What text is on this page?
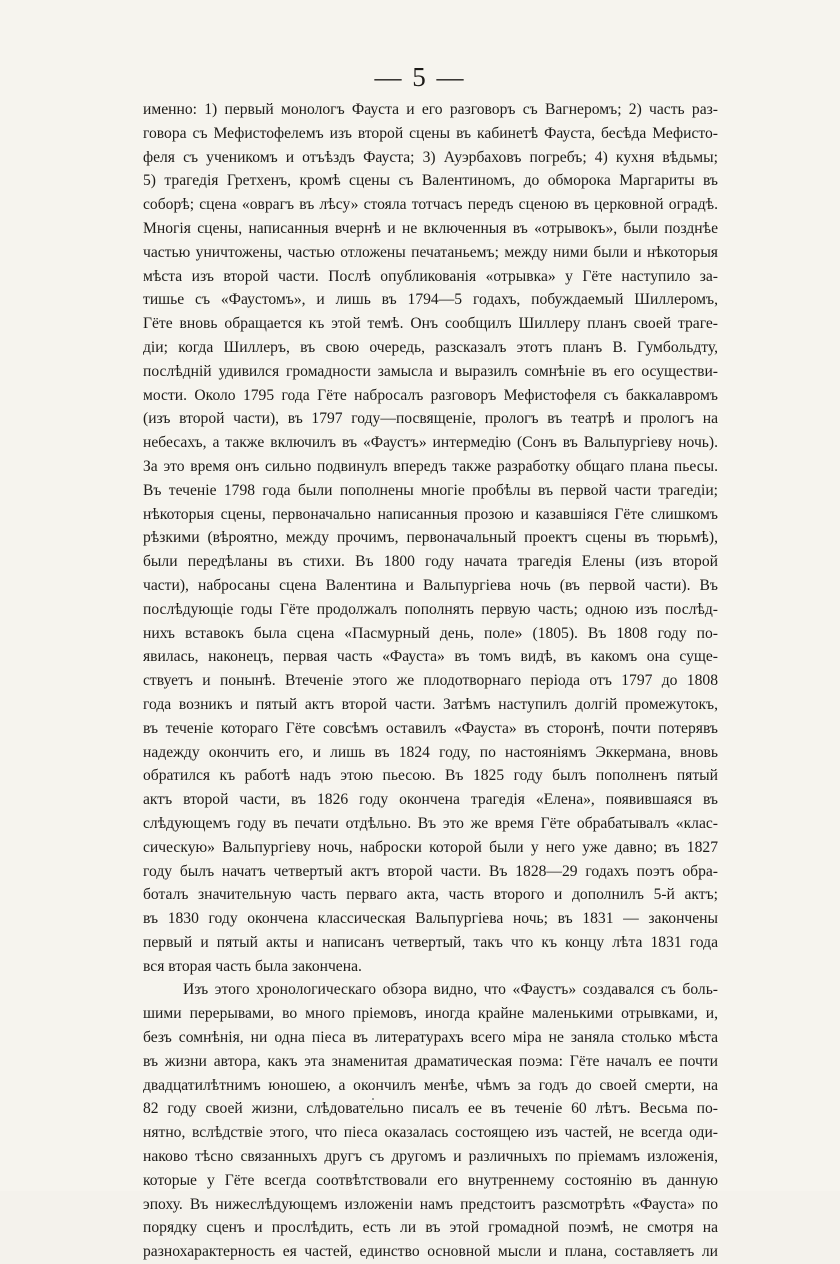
— 5 —
именно: 1) первый монологъ Фауста и его разговоръ съ Вагнеромъ; 2) часть раз-
говора съ Мефистофелемъ изъ второй сцены въ кабинетѣ Фауста, бесѣда Мефисто-
феля съ ученикомъ и отъѣздъ Фауста; 3) Ауэрбаховъ погребъ; 4) кухня вѣдьмы;
5) трагедія Гретхенъ, кромѣ сцены съ Валентиномъ, до обморока Маргариты въ
соборѣ; сцена «оврагъ въ лѣсу» стояла тотчасъ передъ сценою въ церковной оградѣ.
Многія сцены, написанныя вчернѣ и не включенныя въ «отрывокъ», были позднѣе
частью уничтожены, частью отложены печатаньемъ; между ними были и нѣкоторыя
мѣста изъ второй части. Послѣ опубликованія «отрывка» у Гёте наступило за-
тишье съ «Фаустомъ», и лишь въ 1794—5 годахъ, побуждаемый Шиллеромъ,
Гёте вновь обращается къ этой темѣ. Онъ сообщилъ Шиллеру планъ своей траге-
діи; когда Шиллеръ, въ свою очередь, разсказалъ этотъ планъ В. Гумбольдту,
послѣдній удивился громадности замысла и выразилъ сомнѣніе въ его осуществи-
мости. Около 1795 года Гёте набросалъ разговоръ Мефистофеля съ баккалавромъ
(изъ второй части), въ 1797 году—посвященіе, прологъ въ театрѣ и прологъ на
небесахъ, а также включилъ въ «Фаустъ» интермедію (Сонъ въ Вальпургіеву ночь).
За это время онъ сильно подвинулъ впередъ также разработку общаго плана пьесы.
Въ теченіе 1798 года были пополнены многіе пробѣлы въ первой части трагедіи;
нѣкоторыя сцены, первоначально написанныя прозою и казавшіяся Гёте слишкомъ
рѣзкими (вѣроятно, между прочимъ, первоначальный проектъ сцены въ тюрьмѣ),
были передѣланы въ стихи. Въ 1800 году начата трагедія Елены (изъ второй
части), набросаны сцена Валентина и Вальпургіева ночь (въ первой части). Въ
послѣдующіе годы Гёте продолжалъ пополнять первую часть; одною изъ послѣд-
нихъ вставокъ была сцена «Пасмурный день, поле» (1805). Въ 1808 году по-
явилась, наконецъ, первая часть «Фауста» въ томъ видѣ, въ какомъ она суще-
ствуетъ и понынѣ. Втеченіе этого же плодотворнаго періода отъ 1797 до 1808
года возникъ и пятый актъ второй части. Затѣмъ наступилъ долгій промежутокъ,
въ теченіе котораго Гёте совсѣмъ оставилъ «Фауста» въ сторонѣ, почти потерявъ
надежду окончить его, и лишь въ 1824 году, по настояніямъ Эккермана, вновь
обратился къ работѣ надъ этою пьесою. Въ 1825 году былъ пополненъ пятый
актъ второй части, въ 1826 году окончена трагедія «Елена», появившаяся въ
слѣдующемъ году въ печати отдѣльно. Въ это же время Гёте обрабатывалъ «клас-
сическую» Вальпургіеву ночь, наброски которой были у него уже давно; въ 1827
году былъ начатъ четвертый актъ второй части. Въ 1828—29 годахъ поэтъ обра-
боталъ значительную часть перваго акта, часть второго и дополнилъ 5-й актъ;
въ 1830 году окончена классическая Вальпургіева ночь; въ 1831 — закончены
первый и пятый акты и написанъ четвертый, такъ что къ концу лѣта 1831 года
вся вторая часть была закончена.
Изъ этого хронологическаго обзора видно, что «Фаустъ» создавался съ боль-
шими перерывами, во много пріемовъ, иногда крайне маленькими отрывками, и,
безъ сомнѣнія, ни одна піеса въ литературахъ всего міра не заняла столько мѣста
въ жизни автора, какъ эта знаменитая драматическая поэма: Гёте началъ ее почти
двадцатилѣтнимъ юношею, а окончилъ менѣе, чѣмъ за годъ до своей смерти, на
82 году своей жизни, слѣдовательно писалъ ее въ теченіе 60 лѣтъ. Весьма по-
нятно, вслѣдствіе этого, что піеса оказалась состоящею изъ частей, не всегда оди-
наково тѣсно связанныхъ другъ съ другомъ и различныхъ по пріемамъ изложенія,
которые у Гёте всегда соотвѣтствовали его внутреннему состоянію въ данную
эпоху. Въ нижеслѣдующемъ изложеніи намъ предстоитъ разсмотрѣть «Фауста» по
порядку сценъ и прослѣдить, есть ли въ этой громадной поэмѣ, не смотря на
разнохарактерность ея частей, единство основной мысли и плана, составляетъ ли
